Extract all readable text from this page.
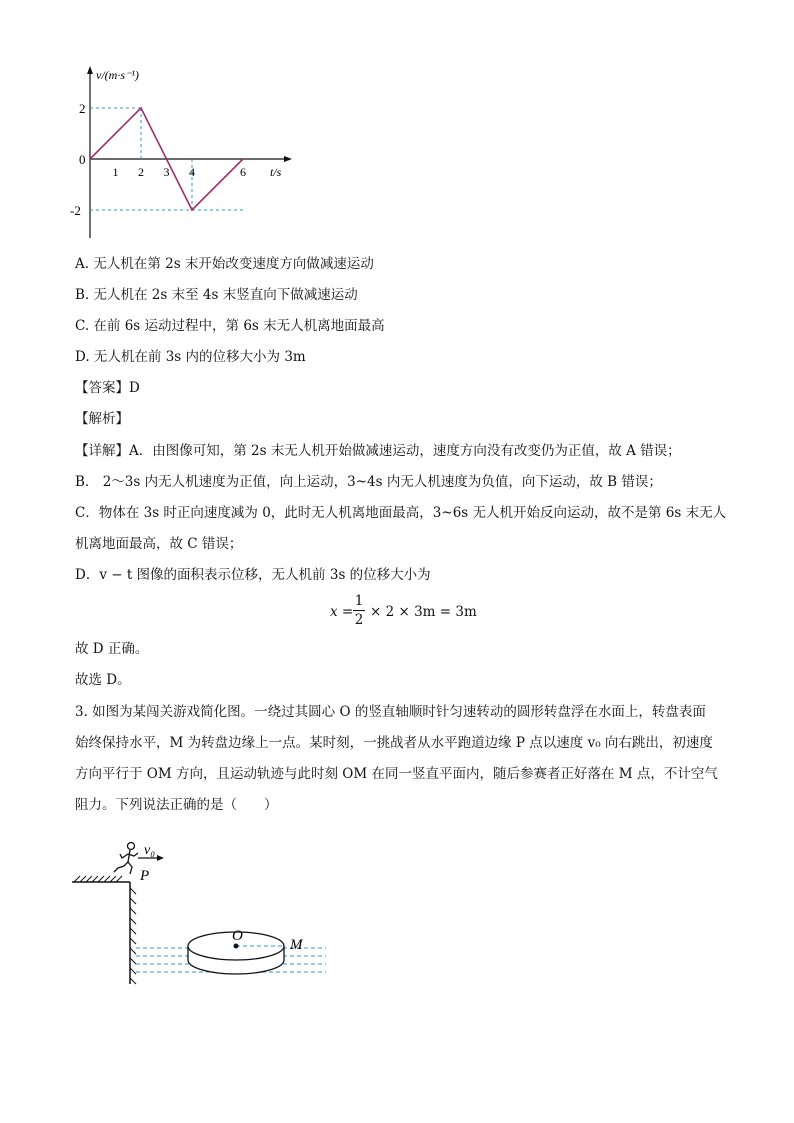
v/(m·s⁻¹)
t/s
1 2 3 4	6
2
0
-2
A. 无人机在第 2s 末开始改变速度方向做减速运动
B. 无人机在 2s 末至 4s 末竖直向下做减速运动
C. 在前 6s 运动过程中，第 6s 末无人机离地面最高
D. 无人机在前 3s 内的位移大小为 3m
【答案】D
【解析】
【详解】A．由图像可知，第 2s 末无人机开始做减速运动，速度方向没有改变仍为正值，故 A 错误；
B． 2～3s 内无人机速度为正值，向上运动，3~4s 内无人机速度为负值，向下运动，故 B 错误；
C．物体在 3s 时正向速度减为 0，此时无人机离地面最高，3~6s 无人机开始反向运动，故不是第 6s 末无人
机离地面最高，故 C 错误；
D．v − t 图像的面积表示位移，无人机前 3s 的位移大小为
x =
1
2 × 2 × 3m = 3m
故 D 正确。
故选 D。
3. 如图为某闯关游戏简化图。一绕过其圆心 O 的竖直轴顺时针匀速转动的圆形转盘浮在水面上，转盘表面
始终保持水平，M 为转盘边缘上一点。某时刻，一挑战者从水平跑道边缘 P 点以速度 v₀ 向右跳出，初速度
方向平行于 OM 方向，且运动轨迹与此时刻 OM 在同一竖直平面内，随后参赛者正好落在 M 点，不计空气
阻力。下列说法正确的是（　　）
v₀
P
O
M
